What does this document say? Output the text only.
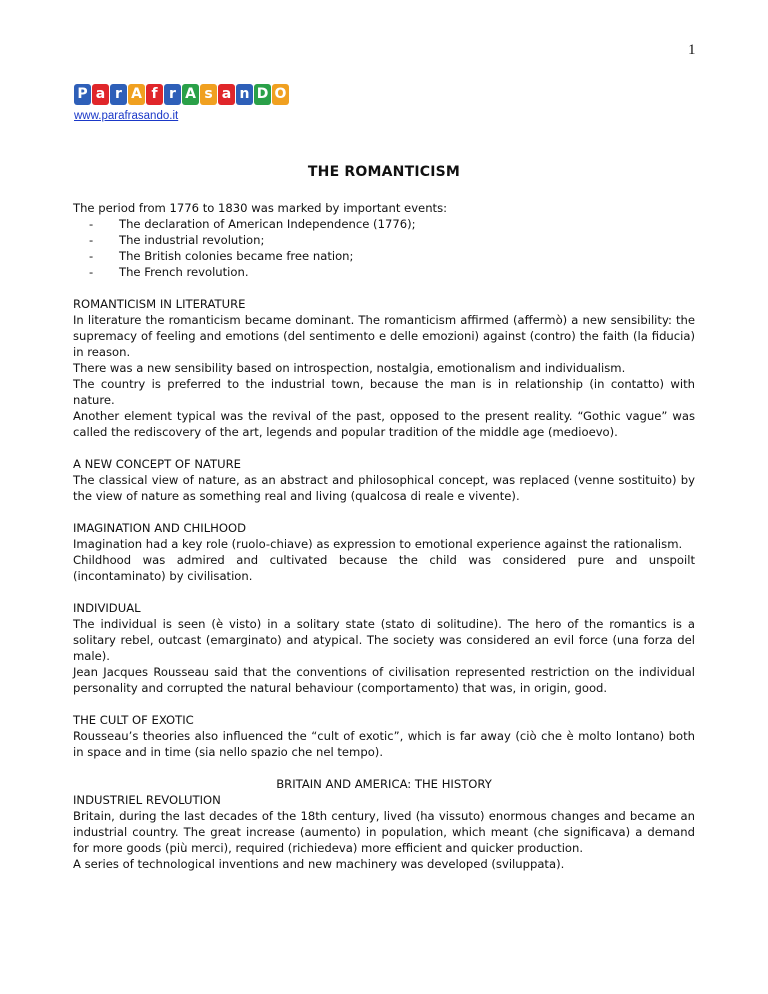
1
P a r A f r A s a n D O
www.parafrasando.it
THE ROMANTICISM

The period from 1776 to 1830 was marked by important events:

- The declaration of American Independence (1776);
- The industrial revolution;
- The British colonies became free nation;
- The French revolution.

ROMANTICISM IN LITERATURE

In literature the romanticism became dominant. The romanticism affirmed (affermò) a new sensibility: the supremacy of feeling and emotions (del sentimento e delle emozioni) against (contro) the faith (la fiducia) in reason.

There was a new sensibility based on introspection, nostalgia, emotionalism and individualism.

The country is preferred to the industrial town, because the man is in relationship (in contatto) with nature.

Another element typical was the revival of the past, opposed to the present reality. “Gothic vague” was called the rediscovery of the art, legends and popular tradition of the middle age (medioevo).

A NEW CONCEPT OF NATURE

The classical view of nature, as an abstract and philosophical concept, was replaced (venne sostituito) by the view of nature as something real and living (qualcosa di reale e vivente).

IMAGINATION AND CHILHOOD

Imagination had a key role (ruolo-chiave) as expression to emotional experience against the rationalism.

Childhood was admired and cultivated because the child was considered pure and unspoilt (incontaminato) by civilisation.

INDIVIDUAL

The individual is seen (è visto) in a solitary state (stato di solitudine). The hero of the romantics is a solitary rebel, outcast (emarginato) and atypical. The society was considered an evil force (una forza del male).

Jean Jacques Rousseau said that the conventions of civilisation represented restriction on the individual personality and corrupted the natural behaviour (comportamento) that was, in origin, good.

THE CULT OF EXOTIC

Rousseau’s theories also influenced the “cult of exotic”, which is far away (ciò che è molto lontano) both in space and in time (sia nello spazio che nel tempo).

BRITAIN AND AMERICA: THE HISTORY

INDUSTRIEL REVOLUTION

Britain, during the last decades of the 18th century, lived (ha vissuto) enormous changes and became an industrial country. The great increase (aumento) in population, which meant (che significava) a demand for more goods (più merci), required (richiedeva) more efficient and quicker production.

A series of technological inventions and new machinery was developed (sviluppata).
